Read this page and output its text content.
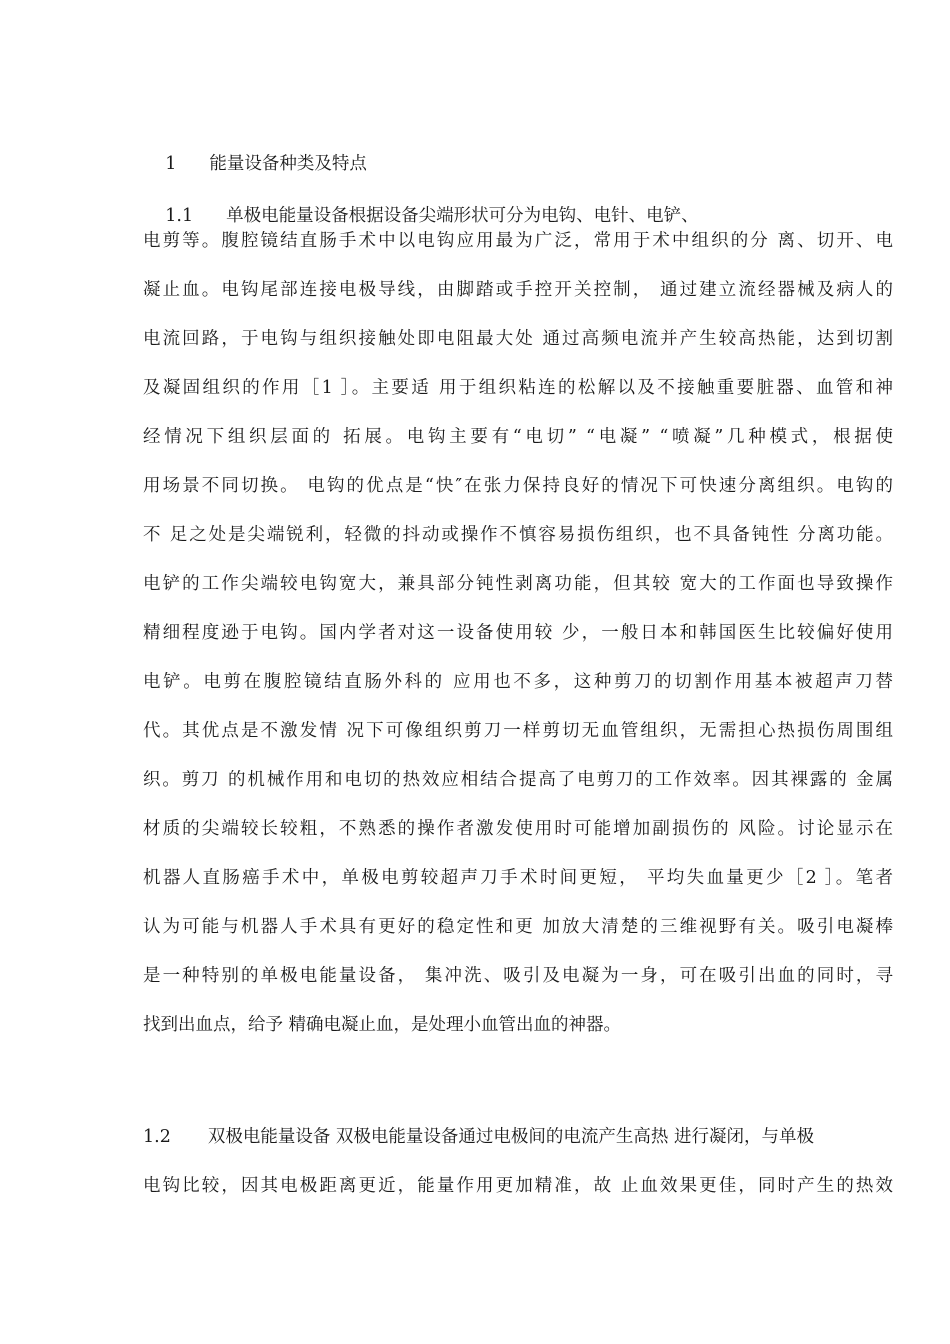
1 能量设备种类及特点

1.1 单极电能量设备根据设备尖端形状可分为电钩、电针、电铲、

电剪等。腹腔镜结直肠手术中以电钩应用最为广泛，常用于术中组织的分 离、切开、电
凝止血。电钩尾部连接电极导线，由脚踏或手控开关控制， 通过建立流经器械及病人的
电流回路，于电钩与组织接触处即电阻最大处 通过高频电流并产生较高热能，达到切割
及凝固组织的作用［1 ］。主要适 用于组织粘连的松解以及不接触重要脏器、血管和神
经情况下组织层面的 拓展。电钩主要有“电切” “电凝” “喷凝”几种模式，根据使
用场景不同切换。 电钩的优点是“快″在张力保持良好的情况下可快速分离组织。电钩的
不 足之处是尖端锐利，轻微的抖动或操作不慎容易损伤组织，也不具备钝性 分离功能。
电铲的工作尖端较电钩宽大，兼具部分钝性剥离功能，但其较 宽大的工作面也导致操作
精细程度逊于电钩。国内学者对这一设备使用较 少，一般日本和韩国医生比较偏好使用
电铲。电剪在腹腔镜结直肠外科的 应用也不多，这种剪刀的切割作用基本被超声刀替
代。其优点是不激发情 况下可像组织剪刀一样剪切无血管组织，无需担心热损伤周围组
织。剪刀 的机械作用和电切的热效应相结合提高了电剪刀的工作效率。因其裸露的 金属
材质的尖端较长较粗，不熟悉的操作者激发使用时可能增加副损伤的 风险。讨论显示在
机器人直肠癌手术中，单极电剪较超声刀手术时间更短， 平均失血量更少［2 ］。笔者
认为可能与机器人手术具有更好的稳定性和更 加放大清楚的三维视野有关。吸引电凝棒
是一种特别的单极电能量设备， 集冲洗、吸引及电凝为一身，可在吸引出血的同时，寻
找到出血点，给予 精确电凝止血，是处理小血管出血的神器。
1.2 双极电能量设备 双极电能量设备通过电极间的电流产生高热 进行凝闭，与单极
电钩比较，因其电极距离更近，能量作用更加精准，故 止血效果更佳，同时产生的热效
